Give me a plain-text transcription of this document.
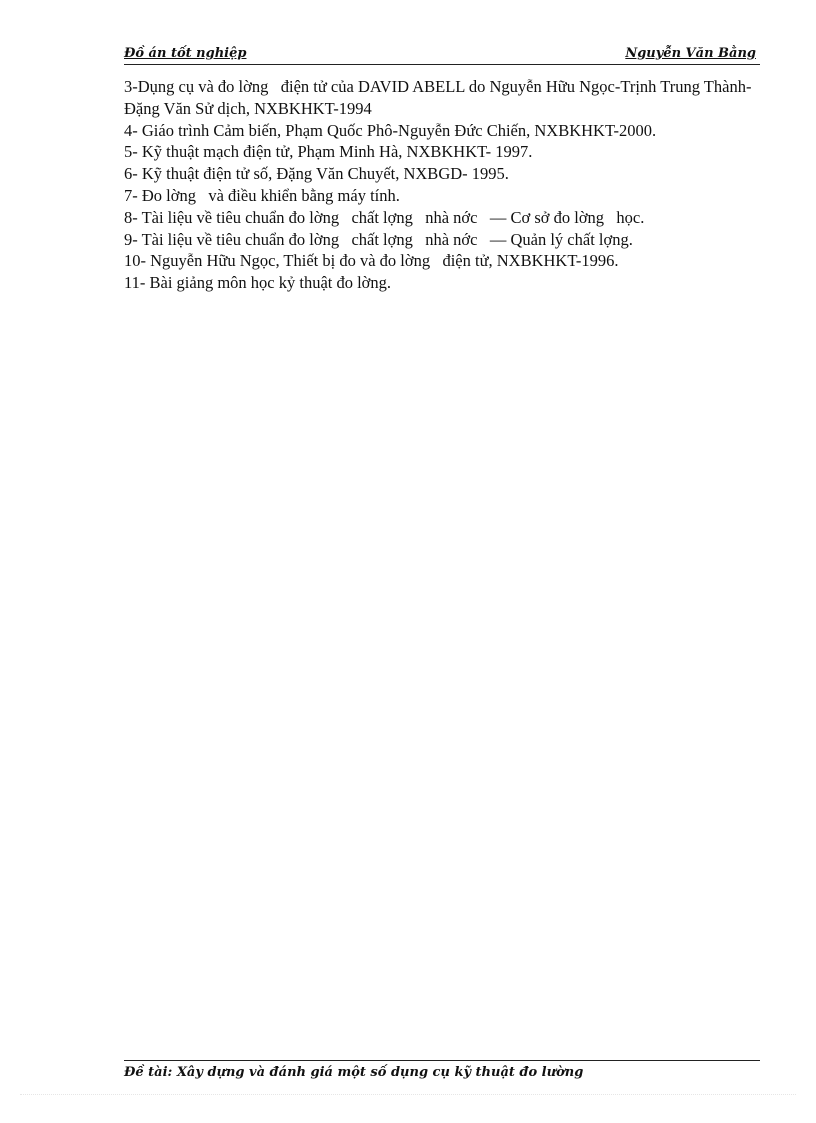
Đồ án tốt nghiệp	Nguyễn Văn Bằng
3-Dụng cụ và đo lờng   điện tử của DAVID ABELL do Nguyễn Hữu Ngọc-Trịnh Trung Thành-Đặng Văn Sử dịch, NXBKHKT-1994
4- Giáo trình Cảm biến, Phạm Quốc Phô-Nguyễn Đức Chiến, NXBKHKT-2000.
5- Kỹ thuật mạch điện tử, Phạm Minh Hà, NXBKHKT- 1997.
6- Kỹ thuật điện tử số, Đặng Văn Chuyết, NXBGD- 1995.
7- Đo lờng   và điều khiển bằng máy tính.
8- Tài liệu về tiêu chuẩn đo lờng   chất lợng   nhà nớc   — Cơ sở đo lờng   học.
9- Tài liệu về tiêu chuẩn đo lờng   chất lợng   nhà nớc   — Quản lý chất lợng.
10- Nguyễn Hữu Ngọc, Thiết bị đo và đo lờng   điện tử, NXBKHKT-1996.
11- Bài giảng môn học kỷ thuật đo lờng.
Đề tài: Xây dựng và đánh giá một số dụng cụ kỹ thuật đo lường
